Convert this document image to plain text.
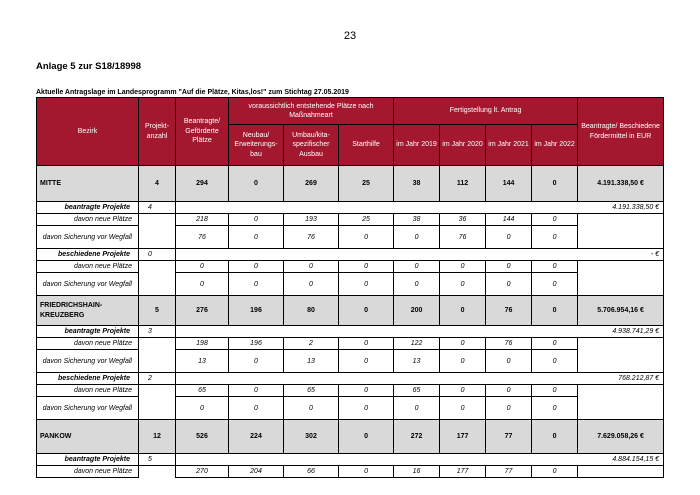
23
Anlage 5 zur S18/18998
Aktuelle Antragslage im Landesprogramm "Auf die Plätze, Kitas,los!" zum Stichtag 27.05.2019
Bezirk	Projekt-anzahl	Beantragte/ Geförderte Plätze	voraussichtlich entstehende Plätze nach Maßnahmeart			Fertigstellung lt. Antrag				Beantragte/ Beschiedene Fördermittel in EUR
			Neubau/ Erweiterungs-bau	Umbau/kita-spezifischer Ausbau	Starthilfe	im Jahr 2019	im Jahr 2020	im Jahr 2021	im Jahr 2022	
MITTE	4	294	0	269	25	38	112	144	0	4.191.338,50 €
beantragte Projekte	4									4.191.338,50 €
davon neue Plätze		218	0	193	25	38	36	144	0	
davon Sicherung vor Wegfall		76	0	76	0	0	76	0	0	
beschiedene Projekte	0									- €
davon neue Plätze		0	0	0	0	0	0	0	0	
davon Sicherung vor Wegfall		0	0	0	0	0	0	0	0	
FRIEDRICHSHAIN-KREUZBERG	5	276	196	80	0	200	0	76	0	5.706.954,16 €
beantragte Projekte	3									4.938.741,29 €
davon neue Plätze		198	196	2	0	122	0	76	0	
davon Sicherung vor Wegfall		13	0	13	0	13	0	0	0	
beschiedene Projekte	2									768.212,87 €
davon neue Plätze		65	0	65	0	65	0	0	0	
davon Sicherung vor Wegfall		0	0	0	0	0	0	0	0	
PANKOW	12	526	224	302	0	272	177	77	0	7.629.058,26 €
beantragte Projekte	5									4.884.154,15 €
davon neue Plätze		270	204	66	0	16	177	77	0	
